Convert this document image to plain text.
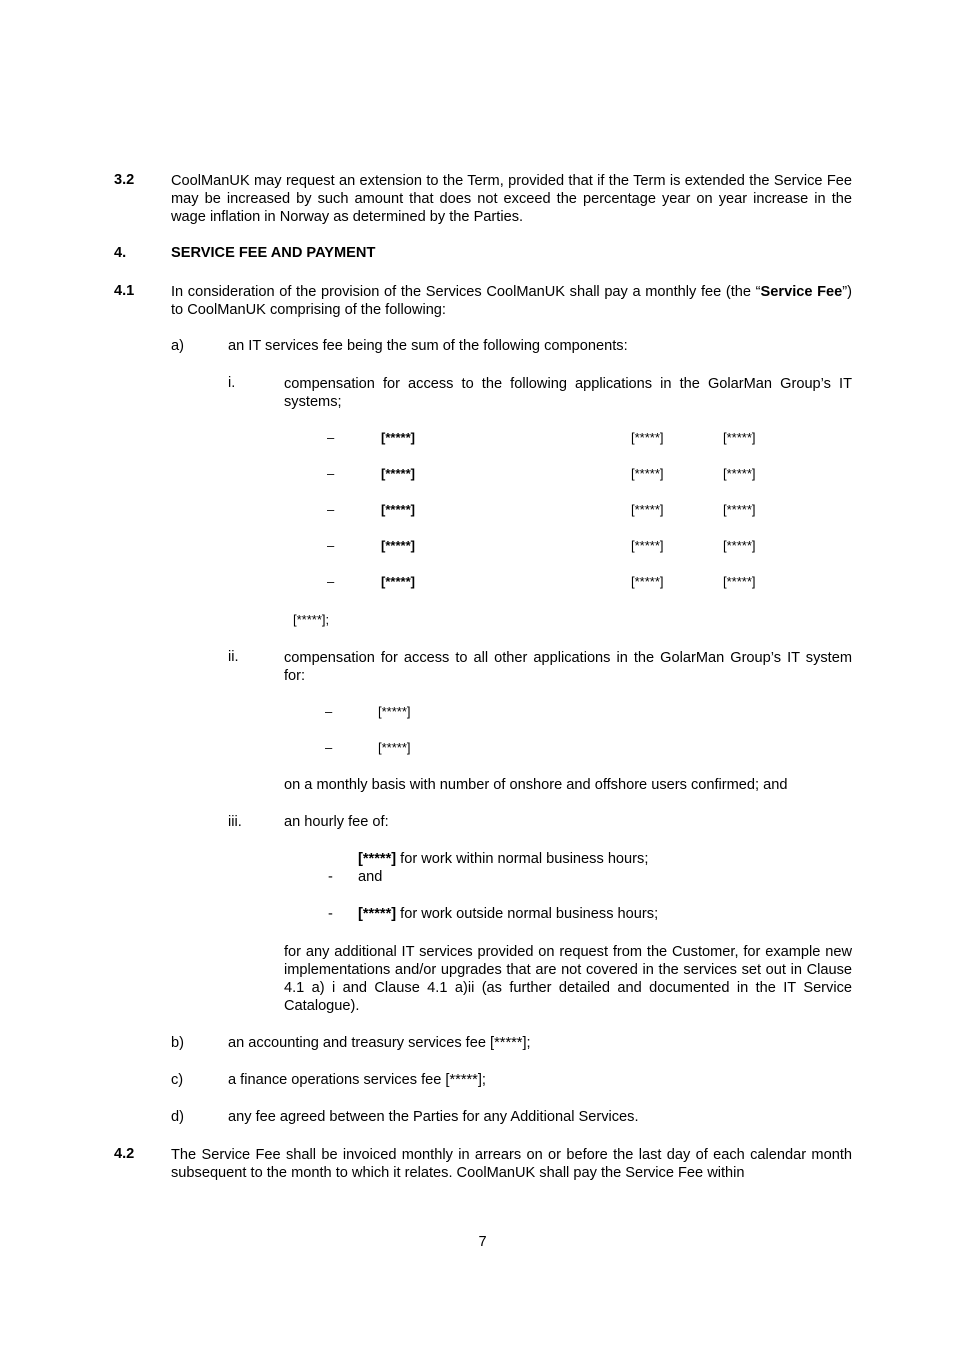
3.2	CoolManUK may request an extension to the Term, provided that if the Term is extended the Service Fee may be increased by such amount that does not exceed the percentage year on year increase in the wage inflation in Norway as determined by the Parties.
4.	SERVICE FEE AND PAYMENT
4.1	In consideration of the provision of the Services CoolManUK shall pay a monthly fee (the “Service Fee”) to CoolManUK comprising of the following:
a)	an IT services fee being the sum of the following components:
i.	compensation for access to the following applications in the GolarMan Group’s IT systems;
–	[*****]	[*****]	[*****]
–	[*****]	[*****]	[*****]
–	[*****]	[*****]	[*****]
–	[*****]	[*****]	[*****]
–	[*****]	[*****]	[*****]
[*****];
ii.	compensation for access to all other applications in the GolarMan Group’s IT system for:
–	[*****]
–	[*****]
on a monthly basis with number of onshore and offshore users confirmed; and
iii.	an hourly fee of:
[*****] for work within normal business hours;
- and
- [*****] for work outside normal business hours;
for any additional IT services provided on request from the Customer, for example new implementations and/or upgrades that are not covered in the services set out in Clause 4.1 a) i and Clause 4.1 a)ii (as further detailed and documented in the IT Service Catalogue).
b)	an accounting and treasury services fee [*****];
c)	a finance operations services fee [*****];
d)	any fee agreed between the Parties for any Additional Services.
4.2	The Service Fee shall be invoiced monthly in arrears on or before the last day of each calendar month subsequent to the month to which it relates. CoolManUK shall pay the Service Fee within
7
